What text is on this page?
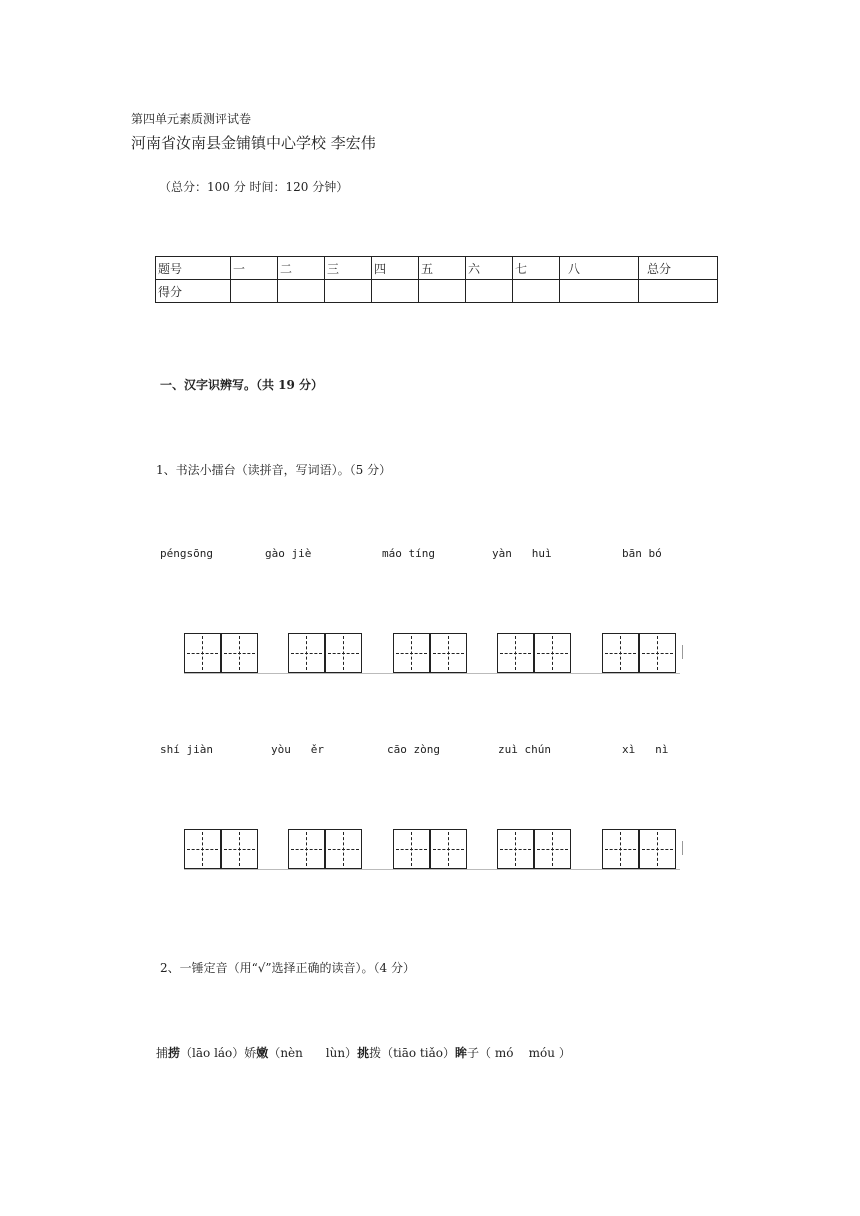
第四单元素质测评试卷
河南省汝南县金铺镇中心学校 李宏伟
（总分：100 分 时间：120 分钟）
题号	一	二	三	四	五	六	七	八	总分
得分									
一、汉字识辨写。（共 19 分）
1、书法小擂台（读拼音，写词语）。（5 分）
péngsōng	gào jiè	máo tíng	yàn   huì	bān bó
shí jiàn	yòu   ěr	cāo zòng	zuì chún	xì   nì
2、一锤定音（用“√”选择正确的读音）。（4 分）
捕捞（lāo láo）娇嫩（nèn      lùn）挑拨（tiāo tiǎo）眸子（ mó    móu ）
